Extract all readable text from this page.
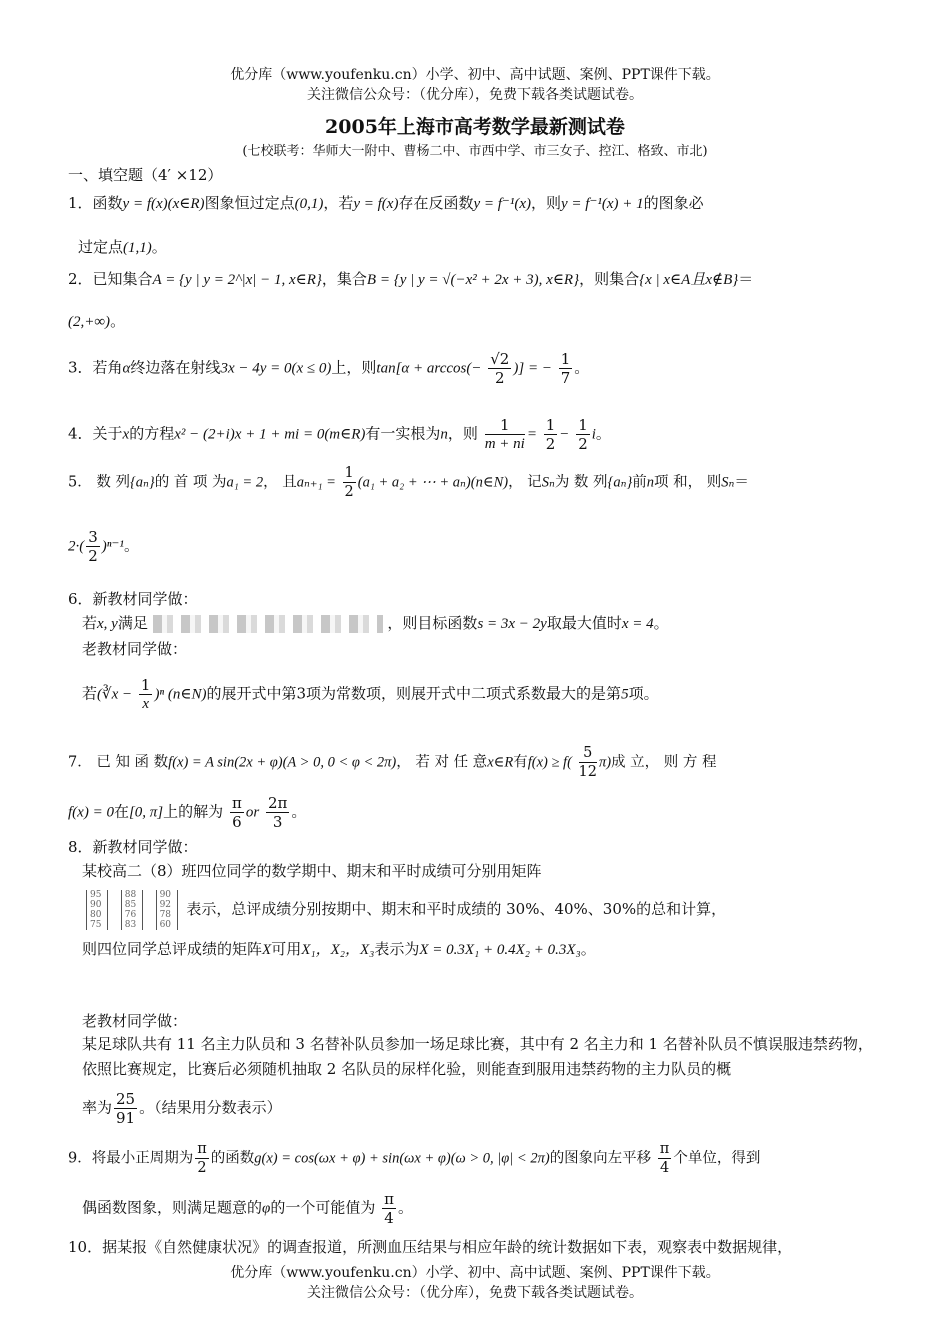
优分库（www.youfenku.cn）小学、初中、高中试题、案例、PPT课件下载。
关注微信公众号：（优分库），免费下载各类试题试卷。
2005年上海市高考数学最新测试卷
(七校联考：华师大一附中、曹杨二中、市西中学、市三女子、控江、格致、市北)
一、填空题（4′ ×12）
1．函数y = f(x)(x∈R)图象恒过定点(0,1)，若y = f(x)存在反函数y = f⁻¹(x)，则y = f⁻¹(x) + 1的图象必
过定点(1,1)。
2．已知集合A = {y | y = 2^|x| − 1, x∈R}，集合B = {y | y = √(−x² + 2x + 3), x∈R}，则集合{x | x∈A且x∉B}＝
(2,+∞)。
3．若角α终边落在射线3x − 4y = 0(x ≤ 0)上，则$\tan[\alpha + \arccos(- \frac{√2}{2}$ )] = − $\frac{1}{7}$ 。
4．关于x的方程x² − (2+i)x + 1 + mi = 0(m∈R)有一实根为n，则 $\frac{1}{m + ni} = \frac{1}{2} - \frac{1}{2}$ i。
5． 数 列{aₙ}的 首 项 为a₁ = 2， 且$a_{n+1} = \frac{1}{2} (a_1 + a_2$ + ⋯ + aₙ)(n∈N)， 记Sₙ为 数 列{aₙ}前n项 和， 则Sₙ＝
$2\cdot( \frac{3}{2} )^{n-1}$。
6．新教材同学做：
若x, y满足	，则目标函数s = 3x − 2y取最大值时x = 4。
老教材同学做：
若(∛x − $\frac{1}{x} )^n$ (n∈N)的展开式中第3项为常数项，则展开式中二项式系数最大的是第5项。
7． 已 知 函 数f(x) = A sin(2x + φ)(A > 0, 0 < φ < 2π)， 若 对 任 意x∈R有$f(x) \ge f( \frac{5}{12} \pi)$成 立， 则 方 程
f(x) = 0在[0, π]上的解为 $\frac{\pi}{6}$ or $\frac{2\pi}{3}$ 。
8．新教材同学做：
某校高二（8）班四位同学的数学期中、期末和平时成绩可分别用矩阵
95 90 80 75 88 85 76 83 90 92 78 60 表示，总评成绩分别按期中、期末和平时成绩的 30%、40%、30%的总和计算，
则四位同学总评成绩的矩阵X可用X₁，X₂，X₃表示为X = 0.3X₁ + 0.4X₂ + 0.3X₃。
老教材同学做：
某足球队共有 11 名主力队员和 3 名替补队员参加一场足球比赛，其中有 2 名主力和 1 名替补队员不慎误服违禁药物，依照比赛规定，比赛后必须随机抽取 2 名队员的尿样化验，则能查到服用违禁药物的主力队员的概
率为 $\frac{25}{91}$ 。（结果用分数表示）
9．将最小正周期为 $\frac{\pi}{2}$ 的函数g(x) = cos(ωx + φ) + sin(ωx + φ)(ω > 0, |φ| < 2π)的图象向左平移 $\frac{\pi}{4}$ 个单位，得到
偶函数图象，则满足题意的φ的一个可能值为 $\frac{\pi}{4}$ 。
10．据某报《自然健康状况》的调查报道，所测血压结果与相应年龄的统计数据如下表，观察表中数据规律，
优分库（www.youfenku.cn）小学、初中、高中试题、案例、PPT课件下载。
关注微信公众号：（优分库），免费下载各类试题试卷。
